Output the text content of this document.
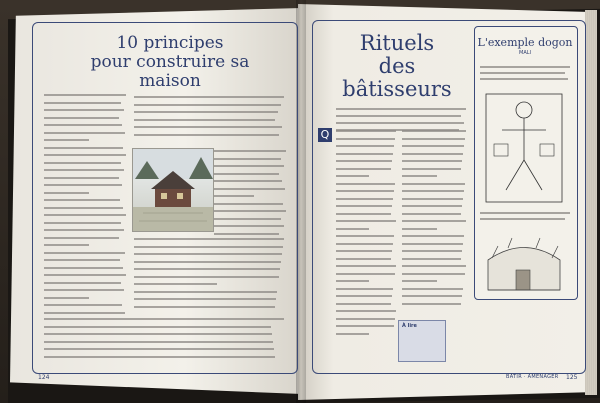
10 principes
pour construire sa maison
Rituels
des bâtisseurs
Q
À lire
L'exemple dogon
MALI
124	BÂTIR · AMÉNAGER 125
